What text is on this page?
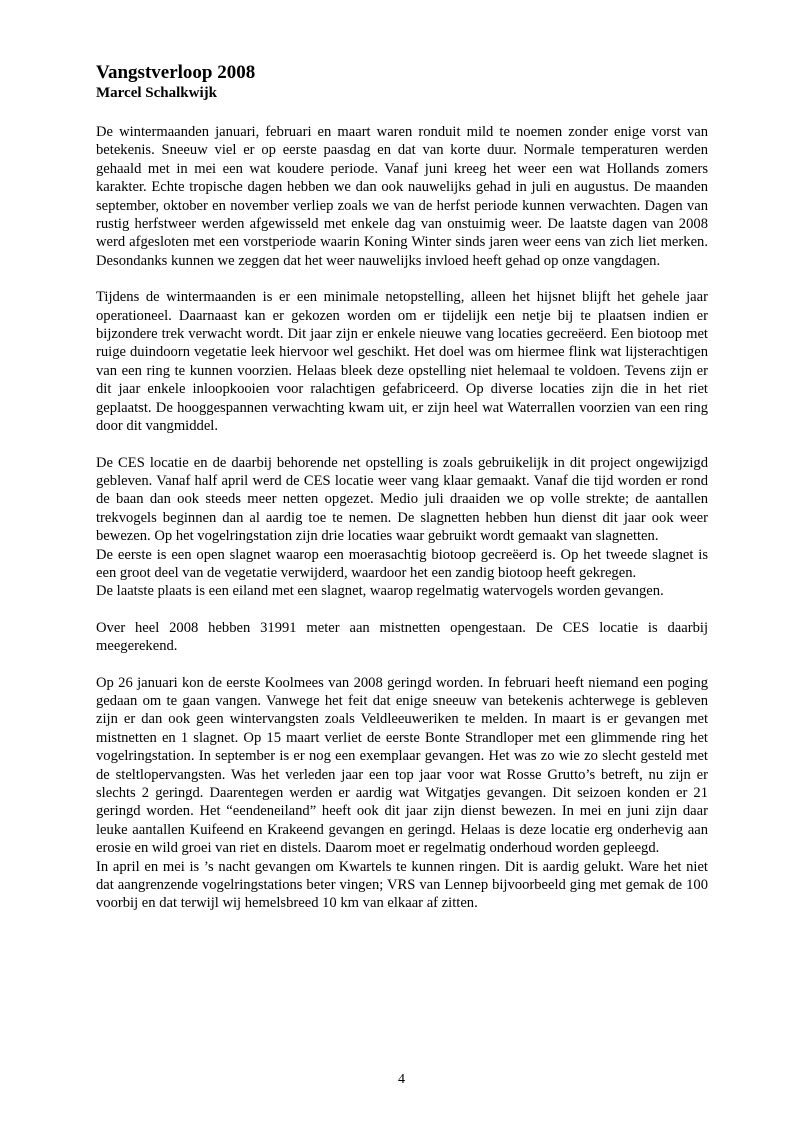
Vangstverloop 2008

Marcel Schalkwijk

De wintermaanden januari, februari en maart waren ronduit mild te noemen zonder enige vorst van betekenis. Sneeuw viel er op eerste paasdag en dat van korte duur. Normale temperaturen werden gehaald met in mei een wat koudere periode. Vanaf juni kreeg het weer een wat Hollands zomers karakter. Echte tropische dagen hebben we dan ook nauwelijks gehad in juli en augustus. De maanden september, oktober en november verliep zoals we van de herfst periode kunnen verwachten. Dagen van rustig herfstweer werden afgewisseld met enkele dag van onstuimig weer. De laatste dagen van 2008 werd afgesloten met een vorstperiode waarin Koning Winter sinds jaren weer eens van zich liet merken. Desondanks kunnen we zeggen dat het weer nauwelijks invloed heeft gehad op onze vangdagen.

Tijdens de wintermaanden is er een minimale netopstelling, alleen het hijsnet blijft het gehele jaar operationeel. Daarnaast kan er gekozen worden om er tijdelijk een netje bij te plaatsen indien er bijzondere trek verwacht wordt. Dit jaar zijn er enkele nieuwe vang locaties gecreëerd. Een biotoop met ruige duindoorn vegetatie leek hiervoor wel geschikt. Het doel was om hiermee flink wat lijsterachtigen van een ring te kunnen voorzien. Helaas bleek deze opstelling niet helemaal te voldoen. Tevens zijn er dit jaar enkele inloopkooien voor ralachtigen gefabriceerd. Op diverse locaties zijn die in het riet geplaatst. De hooggespannen verwachting kwam uit, er zijn heel wat Waterrallen voorzien van een ring door dit vangmiddel.

De CES locatie en de daarbij behorende net opstelling is zoals gebruikelijk in dit project ongewijzigd gebleven. Vanaf half april werd de CES locatie weer vang klaar gemaakt. Vanaf die tijd worden er rond de baan dan ook steeds meer netten opgezet. Medio juli draaiden we op volle strekte; de aantallen trekvogels beginnen dan al aardig toe te nemen. De slagnetten hebben hun dienst dit jaar ook weer bewezen. Op het vogelringstation zijn drie locaties waar gebruikt wordt gemaakt van slagnetten.

De eerste is een open slagnet waarop een moerasachtig biotoop gecreëerd is. Op het tweede slagnet is een groot deel van de vegetatie verwijderd, waardoor het een zandig biotoop heeft gekregen.

De laatste plaats is een eiland met een slagnet, waarop regelmatig watervogels worden gevangen.

Over heel 2008 hebben 31991 meter aan mistnetten opengestaan. De CES locatie is daarbij meegerekend.

Op 26 januari kon de eerste Koolmees van 2008 geringd worden. In februari heeft niemand een poging gedaan om te gaan vangen. Vanwege het feit dat enige sneeuw van betekenis achterwege is gebleven zijn er dan ook geen wintervangsten zoals Veldleeuweriken te melden. In maart is er gevangen met mistnetten en 1 slagnet. Op 15 maart verliet de eerste Bonte Strandloper met een glimmende ring het vogelringstation. In september is er nog een exemplaar gevangen. Het was zo wie zo slecht gesteld met de steltlopervangsten. Was het verleden jaar een top jaar voor wat Rosse Grutto’s betreft, nu zijn er slechts 2 geringd. Daarentegen werden er aardig wat Witgatjes gevangen. Dit seizoen konden er 21 geringd worden. Het “eendeneiland” heeft ook dit jaar zijn dienst bewezen. In mei en juni zijn daar leuke aantallen Kuifeend en Krakeend gevangen en geringd. Helaas is deze locatie erg onderhevig aan erosie en wild groei van riet en distels. Daarom moet er regelmatig onderhoud worden gepleegd.

In april en mei is ’s nacht gevangen om Kwartels te kunnen ringen. Dit is aardig gelukt. Ware het niet dat aangrenzende vogelringstations beter vingen; VRS van Lennep bijvoorbeeld ging met gemak de 100 voorbij en dat terwijl wij hemelsbreed 10 km van elkaar af zitten.

4
